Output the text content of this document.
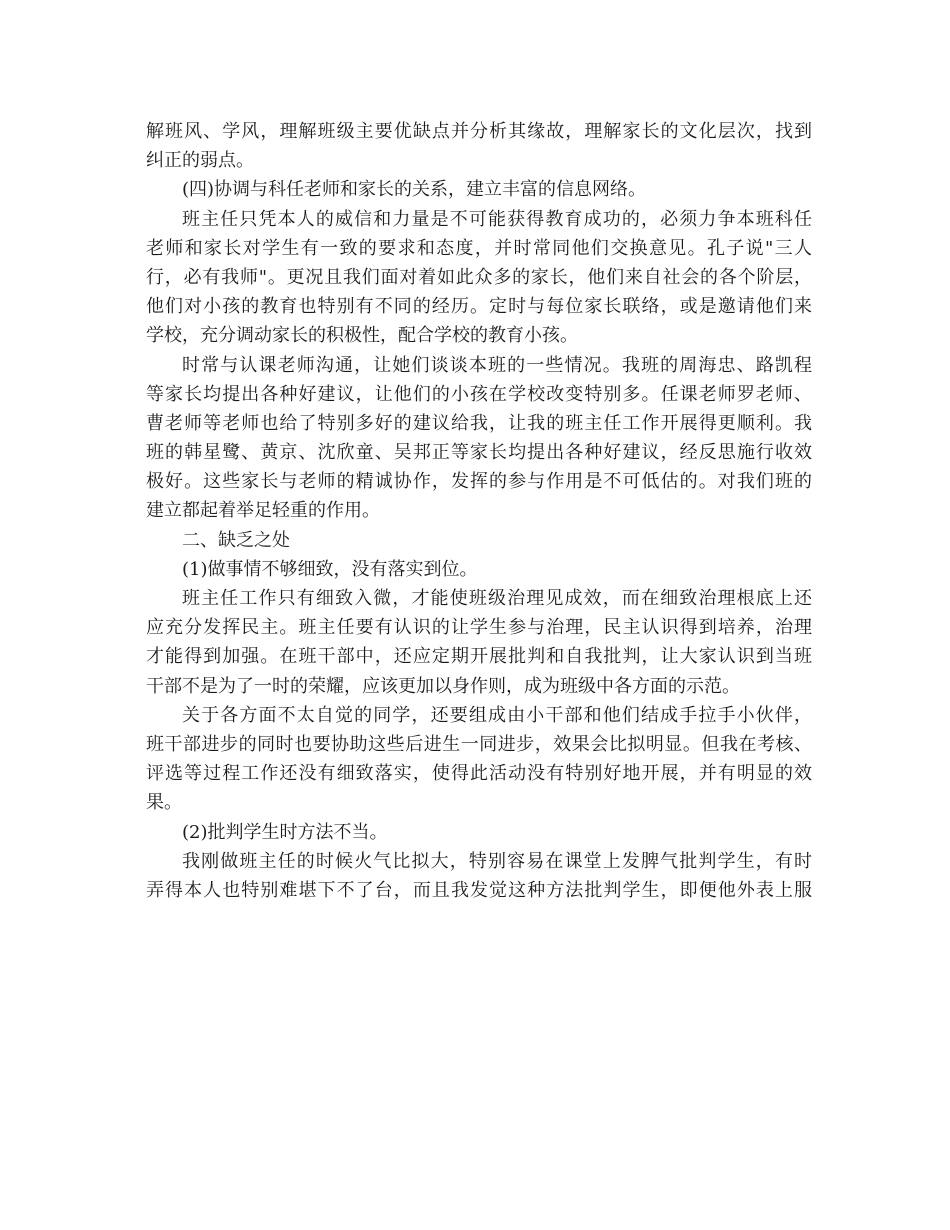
解班风、学风，理解班级主要优缺点并分析其缘故，理解家长的文化层次，找到
纠正的弱点。
(四)协调与科任老师和家长的关系，建立丰富的信息网络。
班主任只凭本人的威信和力量是不可能获得教育成功的，必须力争本班科任
老师和家长对学生有一致的要求和态度，并时常同他们交换意见。孔子说"三人
行，必有我师"。更况且我们面对着如此众多的家长，他们来自社会的各个阶层，
他们对小孩的教育也特别有不同的经历。定时与每位家长联络，或是邀请他们来
学校，充分调动家长的积极性，配合学校的教育小孩。
时常与认课老师沟通，让她们谈谈本班的一些情况。我班的周海忠、路凯程
等家长均提出各种好建议，让他们的小孩在学校改变特别多。任课老师罗老师、
曹老师等老师也给了特别多好的建议给我，让我的班主任工作开展得更顺利。我
班的韩星鹭、黄京、沈欣童、吴邦正等家长均提出各种好建议，经反思施行收效
极好。这些家长与老师的精诚协作，发挥的参与作用是不可低估的。对我们班的
建立都起着举足轻重的作用。
二、缺乏之处
(1)做事情不够细致，没有落实到位。
班主任工作只有细致入微，才能使班级治理见成效，而在细致治理根底上还
应充分发挥民主。班主任要有认识的让学生参与治理，民主认识得到培养，治理
才能得到加强。在班干部中，还应定期开展批判和自我批判，让大家认识到当班
干部不是为了一时的荣耀，应该更加以身作则，成为班级中各方面的示范。
关于各方面不太自觉的同学，还要组成由小干部和他们结成手拉手小伙伴，
班干部进步的同时也要协助这些后进生一同进步，效果会比拟明显。但我在考核、
评选等过程工作还没有细致落实，使得此活动没有特别好地开展，并有明显的效
果。
(2)批判学生时方法不当。
我刚做班主任的时候火气比拟大，特别容易在课堂上发脾气批判学生，有时
弄得本人也特别难堪下不了台，而且我发觉这种方法批判学生，即便他外表上服
